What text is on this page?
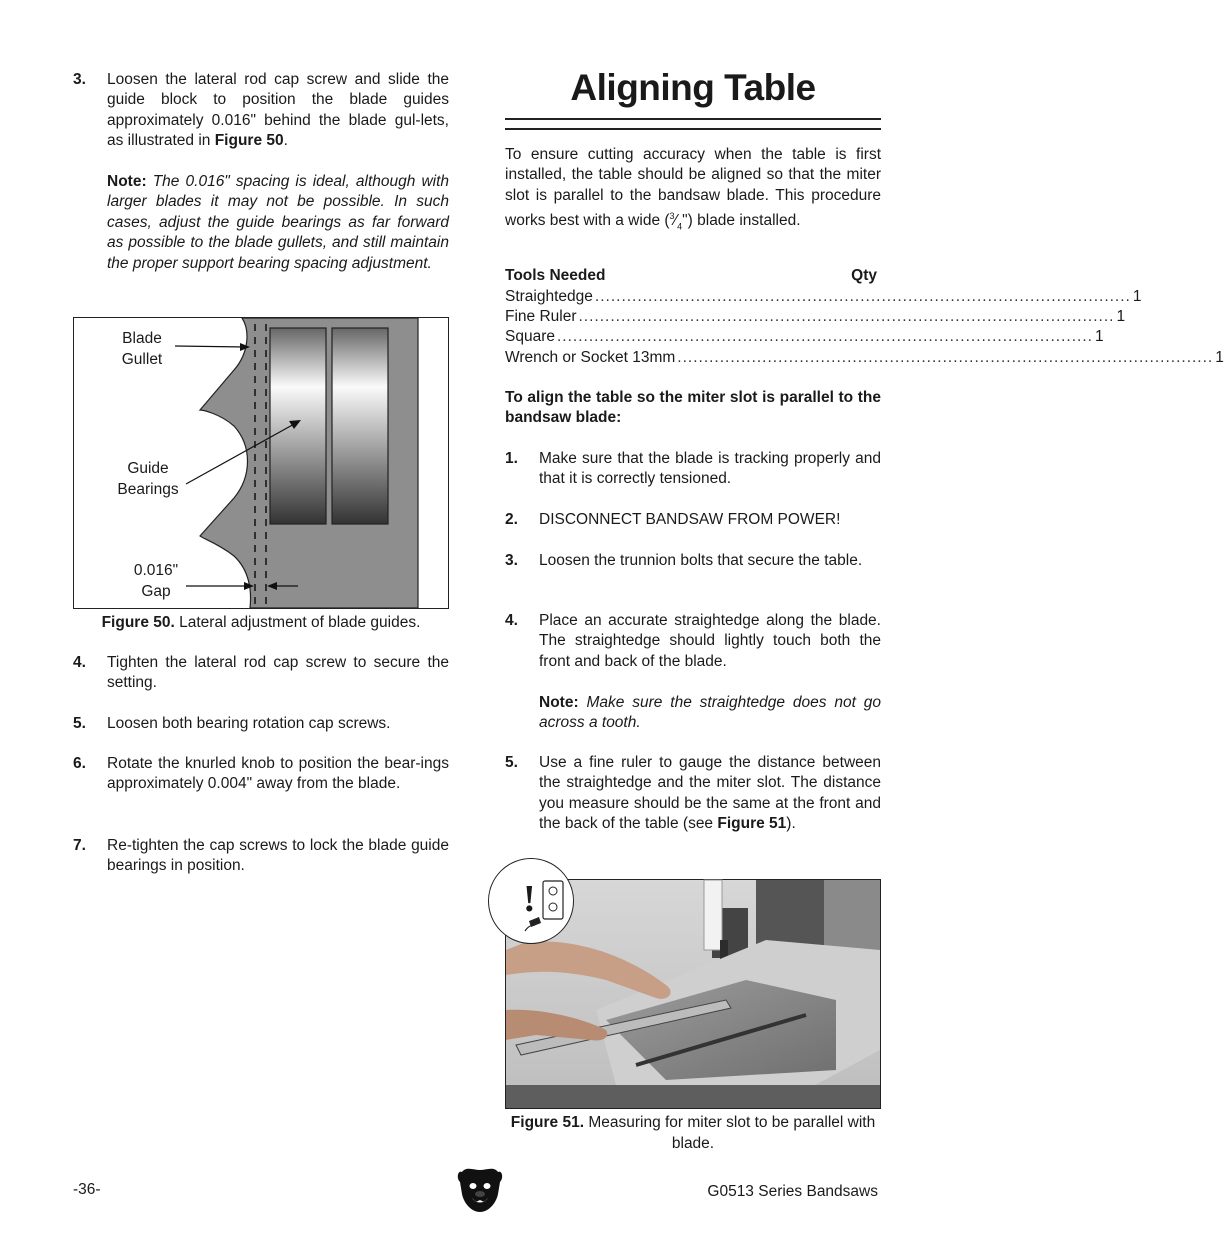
3. Loosen the lateral rod cap screw and slide the guide block to position the blade guides approximately 0.016" behind the blade gul-lets, as illustrated in Figure 50.

Note: The 0.016" spacing is ideal, although with larger blades it may not be possible. In such cases, adjust the guide bearings as far forward as possible to the blade gullets, and still maintain the proper support bearing spacing adjustment.

Blade
Gullet
Guide
Bearings
0.016"
Gap
Figure 50. Lateral adjustment of blade guides.
4. Tighten the lateral rod cap screw to secure the setting.

5. Loosen both bearing rotation cap screws.

6. Rotate the knurled knob to position the bear-ings approximately 0.004" away from the blade.

7. Re-tighten the cap screws to lock the blade guide bearings in position.

Aligning Table

To ensure cutting accuracy when the table is first installed, the table should be aligned so that the miter slot is parallel to the bandsaw blade. This procedure works best with a wide $(^3⁄_4")$ blade installed.

Tools Needed	Qty
Straightedge ..................................................................................................... 1
Fine Ruler ..................................................................................................... 1
Square ..................................................................................................... 1
Wrench or Socket 13mm ..................................................................................................... 1

To align the table so the miter slot is parallel to the bandsaw blade:

1. Make sure that the blade is tracking properly and that it is correctly tensioned.

2. DISCONNECT BANDSAW FROM POWER!

3. Loosen the trunnion bolts that secure the table.

4. Place an accurate straightedge along the blade. The straightedge should lightly touch both the front and back of the blade.

Note: Make sure the straightedge does not go across a tooth.

5. Use a fine ruler to gauge the distance between the straightedge and the miter slot. The distance you measure should be the same at the front and the back of the table (see Figure 51).

!
Figure 51. Measuring for miter slot to be parallel with blade.
-36-	G0513 Series Bandsaws
